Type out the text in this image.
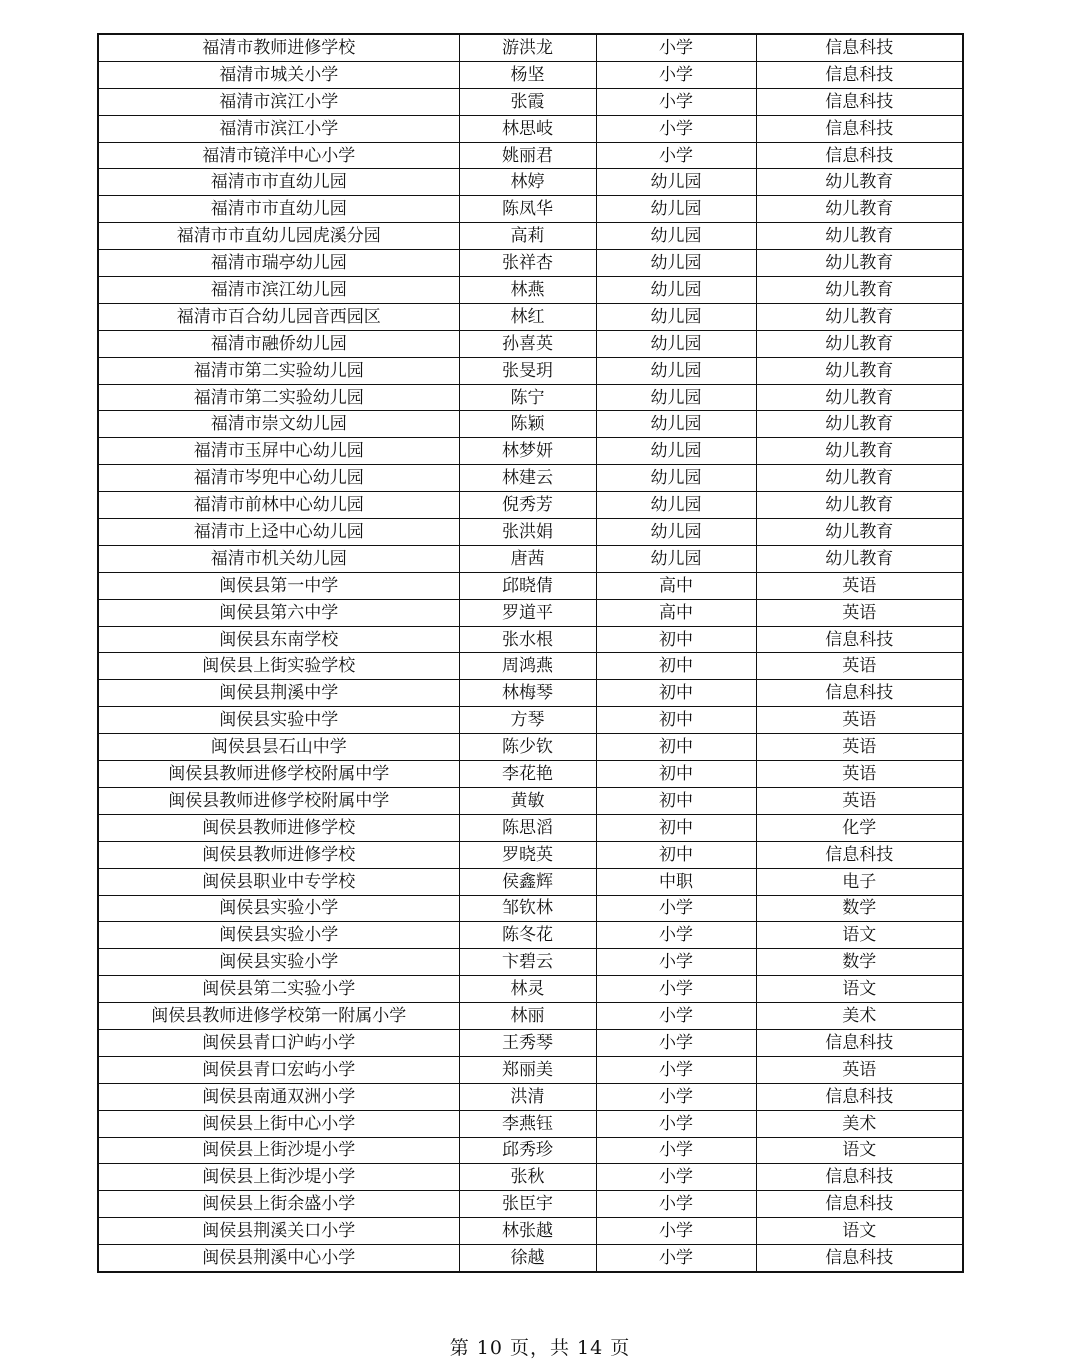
福清市教师进修学校	游洪龙	小学	信息科技
福清市城关小学	杨坚	小学	信息科技
福清市滨江小学	张霞	小学	信息科技
福清市滨江小学	林思岐	小学	信息科技
福清市镜洋中心小学	姚丽君	小学	信息科技
福清市市直幼儿园	林婷	幼儿园	幼儿教育
福清市市直幼儿园	陈凤华	幼儿园	幼儿教育
福清市市直幼儿园虎溪分园	高莉	幼儿园	幼儿教育
福清市瑞亭幼儿园	张祥杏	幼儿园	幼儿教育
福清市滨江幼儿园	林燕	幼儿园	幼儿教育
福清市百合幼儿园音西园区	林红	幼儿园	幼儿教育
福清市融侨幼儿园	孙喜英	幼儿园	幼儿教育
福清市第二实验幼儿园	张旻玥	幼儿园	幼儿教育
福清市第二实验幼儿园	陈宁	幼儿园	幼儿教育
福清市崇文幼儿园	陈颖	幼儿园	幼儿教育
福清市玉屏中心幼儿园	林梦妍	幼儿园	幼儿教育
福清市岑兜中心幼儿园	林建云	幼儿园	幼儿教育
福清市前林中心幼儿园	倪秀芳	幼儿园	幼儿教育
福清市上迳中心幼儿园	张洪娟	幼儿园	幼儿教育
福清市机关幼儿园	唐茜	幼儿园	幼儿教育
闽侯县第一中学	邱晓倩	高中	英语
闽侯县第六中学	罗道平	高中	英语
闽侯县东南学校	张水根	初中	信息科技
闽侯县上街实验学校	周鸿燕	初中	英语
闽侯县荆溪中学	林梅琴	初中	信息科技
闽侯县实验中学	方琴	初中	英语
闽侯县昙石山中学	陈少钦	初中	英语
闽侯县教师进修学校附属中学	李花艳	初中	英语
闽侯县教师进修学校附属中学	黄敏	初中	英语
闽侯县教师进修学校	陈思滔	初中	化学
闽侯县教师进修学校	罗晓英	初中	信息科技
闽侯县职业中专学校	侯鑫辉	中职	电子
闽侯县实验小学	邹钦林	小学	数学
闽侯县实验小学	陈冬花	小学	语文
闽侯县实验小学	卞碧云	小学	数学
闽侯县第二实验小学	林灵	小学	语文
闽侯县教师进修学校第一附属小学	林丽	小学	美术
闽侯县青口沪屿小学	王秀琴	小学	信息科技
闽侯县青口宏屿小学	郑丽美	小学	英语
闽侯县南通双洲小学	洪清	小学	信息科技
闽侯县上街中心小学	李燕钰	小学	美术
闽侯县上街沙堤小学	邱秀珍	小学	语文
闽侯县上街沙堤小学	张秋	小学	信息科技
闽侯县上街余盛小学	张臣宇	小学	信息科技
闽侯县荆溪关口小学	林张越	小学	语文
闽侯县荆溪中心小学	徐越	小学	信息科技
第 10 页，共 14 页
